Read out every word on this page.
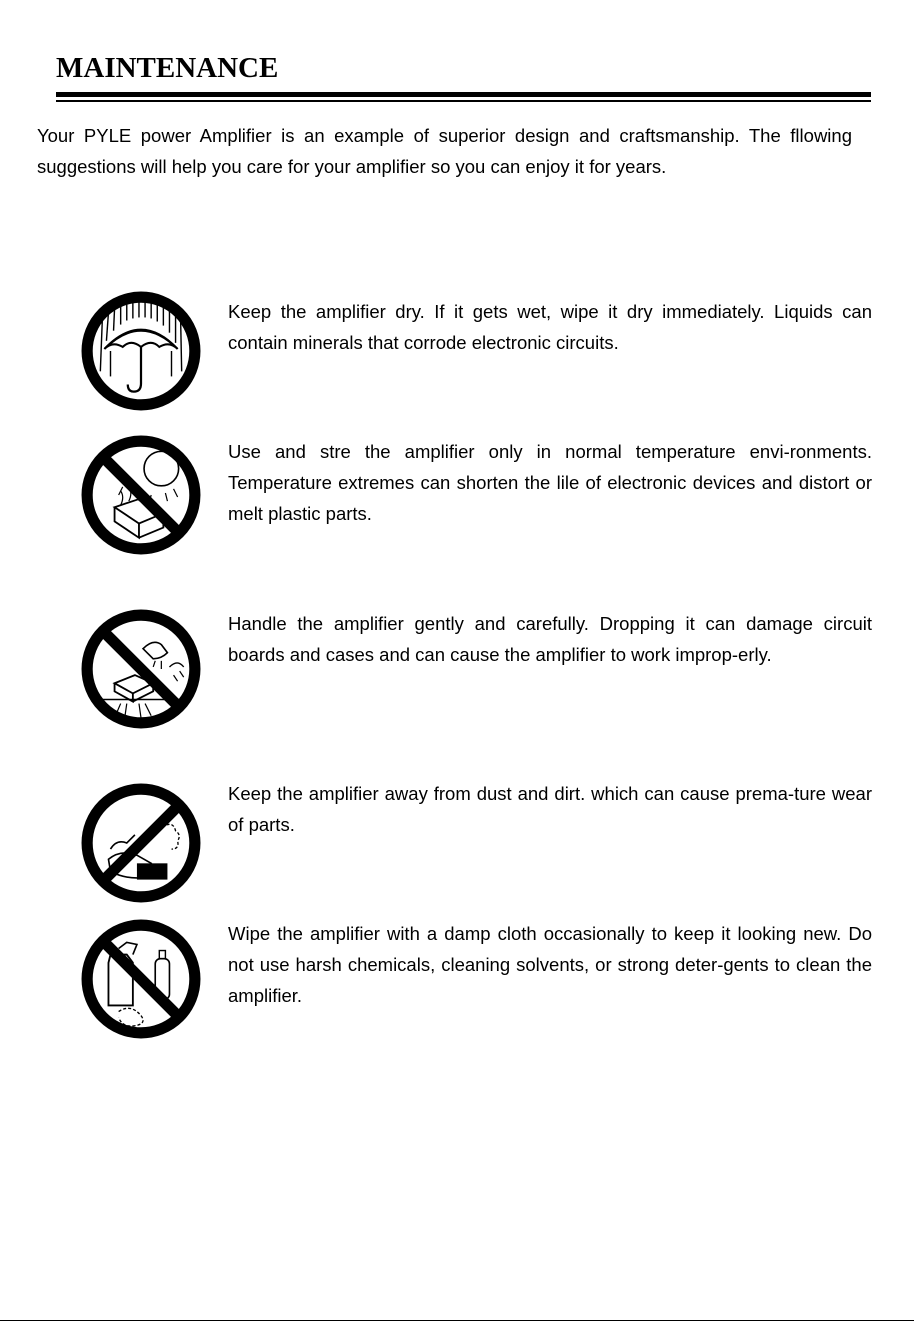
MAINTENANCE

Your PYLE power Amplifier is an example of superior design and craftsmanship. The fllowing suggestions will help you care for your amplifier so you can enjoy it for years.

Keep the amplifier dry. If it gets wet, wipe it dry immediately. Liquids can contain minerals that corrode electronic circuits.

Use and stre the amplifier only in normal temperature envi-ronments. Temperature extremes can shorten the lile of electronic devices and distort or melt plastic parts.

Handle the amplifier gently and carefully. Dropping it can damage circuit boards and cases and can cause the amplifier to work improp-erly.

Keep the amplifier away from dust and dirt. which can cause prema-ture wear of parts.

Wipe the amplifier with a damp cloth occasionally to keep it looking new. Do not use harsh chemicals, cleaning solvents, or strong deter-gents to clean the amplifier.
